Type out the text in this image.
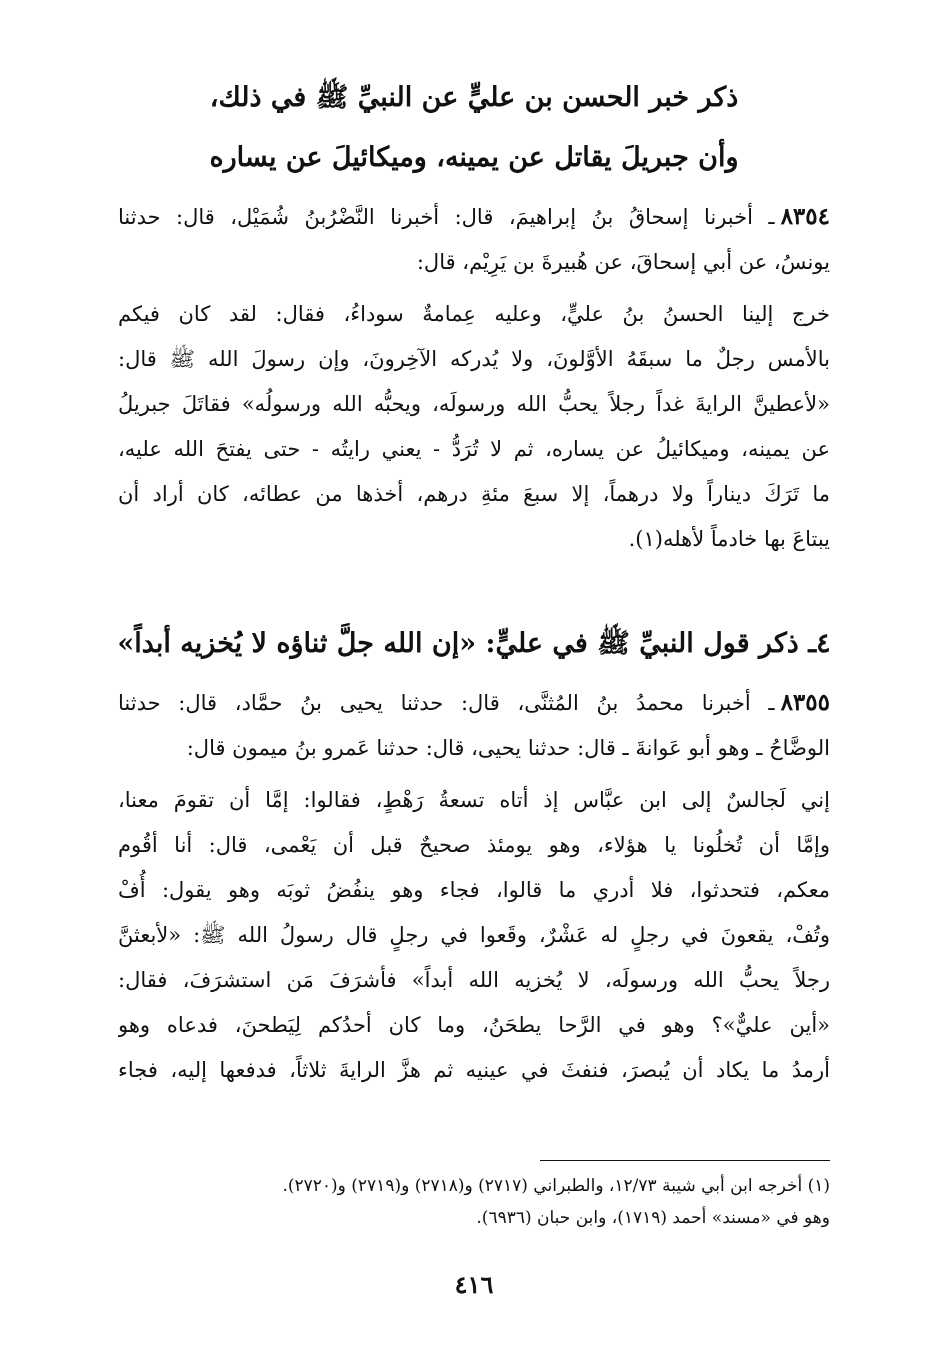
ذكر خبر الحسن بن عليٍّ عن النبيِّ ﷺ في ذلك،
وأن جبريلَ يقاتل عن يمينه، وميكائيلَ عن يساره
٨٣٥٤ـ أخبرنا إسحاقُ بنُ إبراهيمَ، قال: أخبرنا النَّضْرُبنُ شُمَيْل، قال: حدثنا
يونسُ، عن أبي إسحاقَ، عن هُبيرةَ بن يَرِيْم، قال:
خرج إلينا الحسنُ بنُ عليٍّ، وعليه عِمامةٌ سوداءُ، فقال: لقد كان فيكم
بالأمس رجلٌ ما سبقَهُ الأوَّلونَ، ولا يُدركه الآخِرونَ، وإن رسولَ الله ﷺ قال:
«لأعطينَّ الرايةَ غداً رجلاً يحبُّ الله ورسولَه، ويحبُّه الله ورسولُه» فقاتَلَ جبريلُ
عن يمينه، وميكائيلُ عن يساره، ثم لا تُرَدُّ - يعني رايتُه - حتى يفتحَ الله عليه،
ما تَرَكَ ديناراً ولا درهماً، إلا سبعَ مئةِ درهم، أخذها من عطائه، كان أراد أن
يبتاعَ بها خادماً لأهله(١).
٤ـ ذكر قول النبيِّ ﷺ في عليٍّ: «إن الله جلَّ ثناؤه لا يُخزيه أبداً»
٨٣٥٥ـ أخبرنا محمدُ بنُ المُثنَّى، قال: حدثنا يحيى بنُ حمَّاد، قال: حدثنا
الوضَّاحُ ـ وهو أبو عَوانةَ ـ قال: حدثنا يحيى، قال: حدثنا عَمرو بنُ ميمون قال:
إني لَجالسٌ إلى ابن عبَّاس إذ أتاه تسعةُ رَهْطٍ، فقالوا: إمَّا أن تقومَ معنا،
وإمَّا أن تُخلُونا يا هؤلاء، وهو يومئذ صحيحٌ قبل أن يَعْمى، قال: أنا أقُوم
معكم، فتحدثوا، فلا أدري ما قالوا، فجاء وهو ينفُضُ ثوبَه وهو يقول: أُفْ
وتُفْ، يقعونَ في رجلٍ له عَشْرٌ، وقَعوا في رجلٍ قال رسولُ الله ﷺ: «لأبعثنَّ
رجلاً يحبُّ الله ورسولَه، لا يُخزيه الله أبداً» فأشرَفَ مَن استشرَفَ، فقال:
«أين عليٌّ»؟ وهو في الرَّحا يطحَنُ، وما كان أحدُكم لِيَطحنَ، فدعاه وهو
أرمدُ ما يكاد أن يُبصرَ، فنفثَ في عينيه ثم هزَّ الرايةَ ثلاثاً، فدفعها إليه، فجاء
(١) أخرجه ابن أبي شيبة ١٢/٧٣، والطبراني (٢٧١٧) و(٢٧١٨) و(٢٧١٩) و(٢٧٢٠).
وهو في «مسند» أحمد (١٧١٩)، وابن حبان (٦٩٣٦).
٤١٦
